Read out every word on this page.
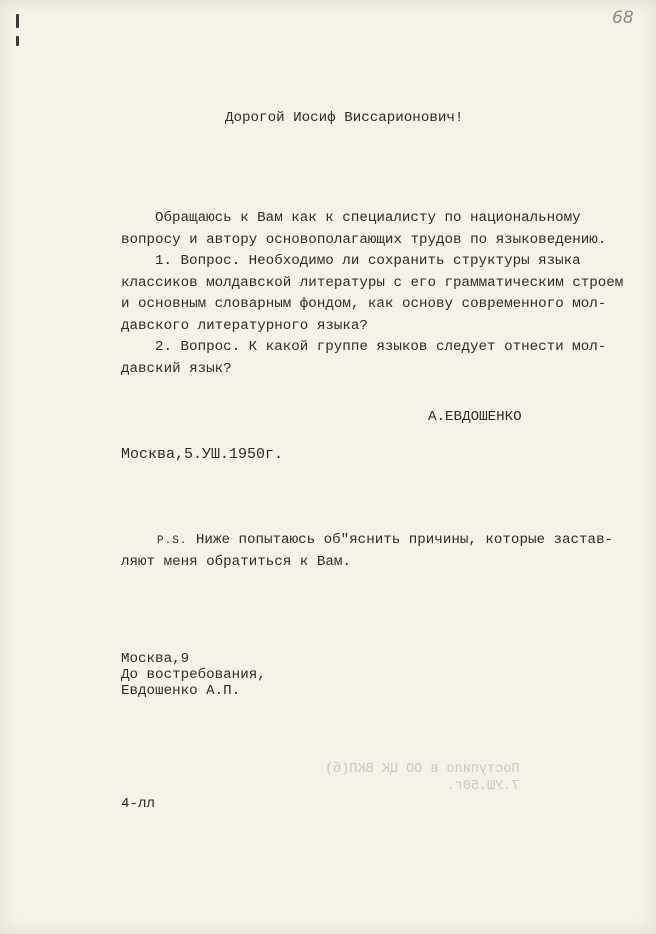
68
Дорогой Иосиф Виссарионович!
Обращаюсь к Вам как к специалисту по национальному
вопросу и автору основополагающих трудов по языковедению.
1. Вопрос. Необходимо ли сохранить структуры языка
классиков молдавской литературы с его грамматическим строем
и основным словарным фондом, как основу современного мол-
давского литературного языка?
2. Вопрос. К какой группе языков следует отнести мол-
давский язык?
А.ЕВДОШЕНКО
Москва,5.УШ.1950г.
P.S. Ниже попытаюсь об"яснить причины, которые застав-
ляют меня обратиться к Вам.
Москва,9
До востребования,
Евдошенко А.П.
Поступило в ОО ЦК ВКП(б)
7.УШ.50г.
4-лл
